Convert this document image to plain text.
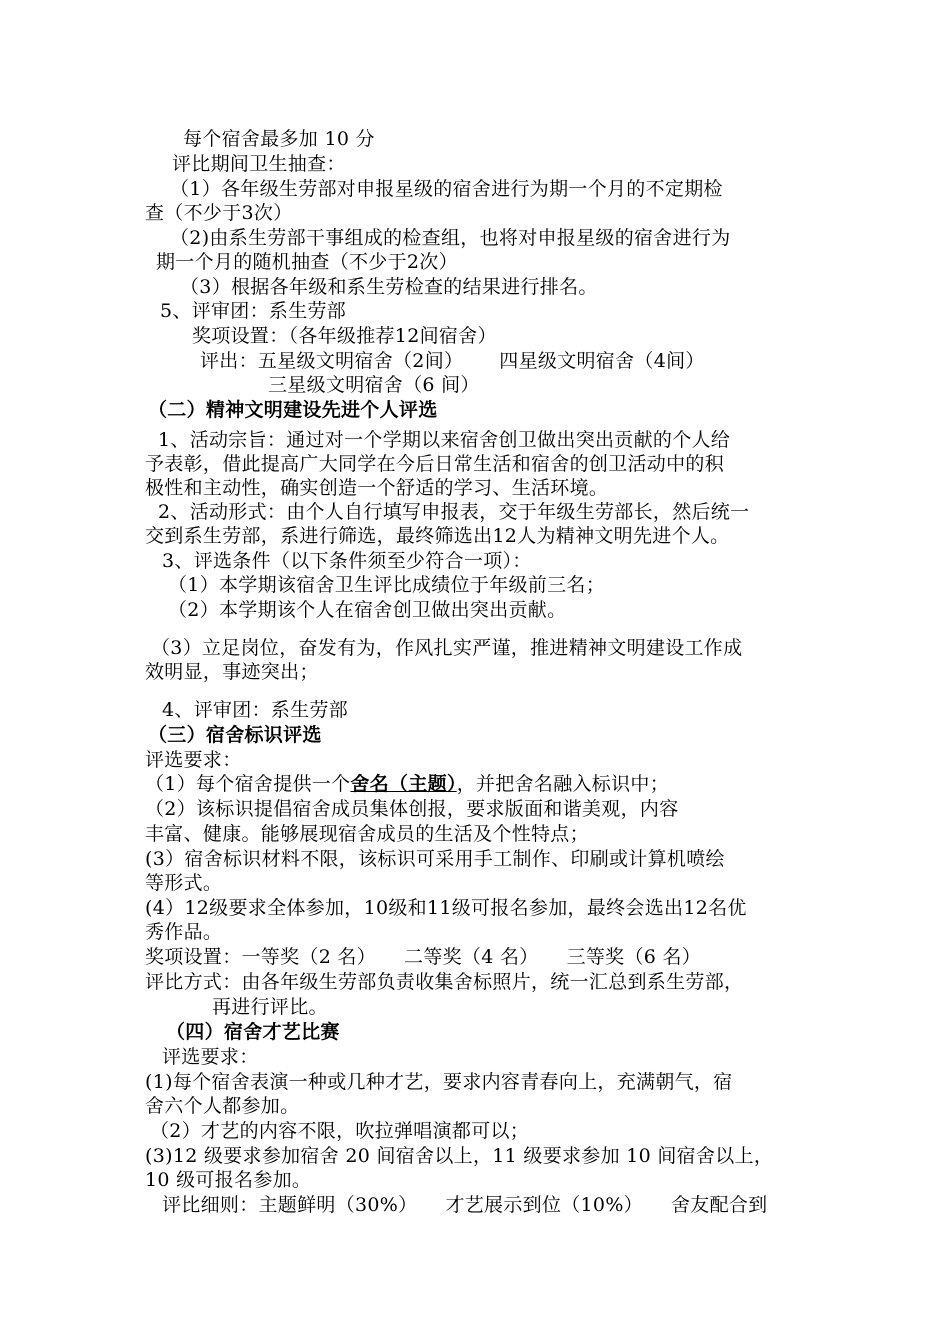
每个宿舍最多加 10 分
评比期间卫生抽查：
（1）各年级生劳部对申报星级的宿舍进行为期一个月的不定期检
查（不少于3次）
（2)由系生劳部干事组成的检查组，也将对申报星级的宿舍进行为
期一个月的随机抽查（不少于2次）
（3）根据各年级和系生劳检查的结果进行排名。
5、评审团：系生劳部
奖项设置：（各年级推荐12间宿舍）
评出：五星级文明宿舍（2间） 四星级文明宿舍（4间）
三星级文明宿舍（6 间）
（二）精神文明建设先进个人评选
1、活动宗旨：通过对一个学期以来宿舍创卫做出突出贡献的个人给
予表彰，借此提高广大同学在今后日常生活和宿舍的创卫活动中的积
极性和主动性，确实创造一个舒适的学习、生活环境。
2、活动形式：由个人自行填写申报表，交于年级生劳部长，然后统一
交到系生劳部，系进行筛选，最终筛选出12人为精神文明先进个人。
3、评选条件（以下条件须至少符合一项）：
（1）本学期该宿舍卫生评比成绩位于年级前三名；
（2）本学期该个人在宿舍创卫做出突出贡献。
（3）立足岗位，奋发有为，作风扎实严谨，推进精神文明建设工作成
效明显，事迹突出；
4、评审团：系生劳部
（三）宿舍标识评选
评选要求：
（1）每个宿舍提供一个舍名（主题），并把舍名融入标识中；
（2）该标识提倡宿舍成员集体创报，要求版面和谐美观，内容
丰富、健康。能够展现宿舍成员的生活及个性特点；
(3）宿舍标识材料不限，该标识可采用手工制作、印刷或计算机喷绘
等形式。
(4）12级要求全体参加，10级和11级可报名参加，最终会选出12名优
秀作品。
奖项设置：一等奖（2 名） 二等奖（4 名） 三等奖（6 名）
评比方式：由各年级生劳部负责收集舍标照片，统一汇总到系生劳部，
再进行评比。
（四）宿舍才艺比赛
评选要求：
(1)每个宿舍表演一种或几种才艺，要求内容青春向上，充满朝气，宿
舍六个人都参加。
（2）才艺的内容不限，吹拉弹唱演都可以；
(3)12 级要求参加宿舍 20 间宿舍以上，11 级要求参加 10 间宿舍以上，
10 级可报名参加。
评比细则：主题鲜明（30%） 才艺展示到位（10%） 舍友配合到
